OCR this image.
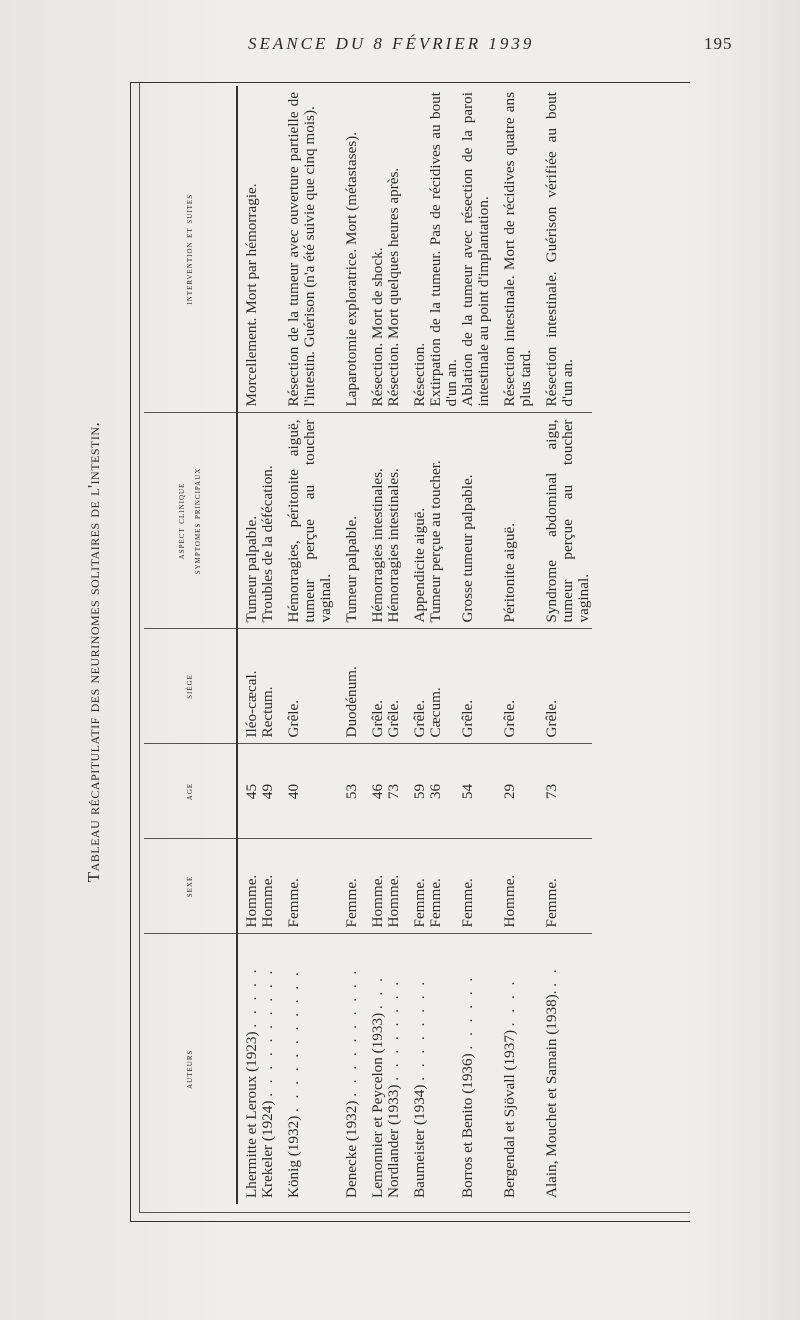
SEANCE DU 8 FÉVRIER 1939	195
Tableau récapitulatif des neurinomes solitaires de l'intestin.
auteurs	sexe	age	siège	aspect clinique symptomes principaux	intervention et suites
Lhermitte et Leroux (1923) . . . . .	Homme.	45	Iléo-cæcal.	Tumeur palpable.	Morcellement. Mort par hémorragie.
Krekeler (1924) . . . . . . . . . .	Homme.	49	Rectum.	Troubles de la défécation.	
König (1932) . . . . . . . . . . .	Femme.	40	Grêle.	Hémorragies, péritonite aiguë, tumeur perçue au toucher vaginal.	Résection de la tumeur avec ouverture partielle de l'intestin. Guérison (n'a été suivie que cinq mois).
Denecke (1932) . . . . . . . . . .	Femme.	53	Duodénum.	Tumeur palpable.	Laparotomie exploratrice. Mort (métastases).
Lemonnier et Peycelon (1933) . . .	Homme.	46	Grêle.	Hémorragies intestinales.	Résection. Mort de shock.
Nordlander (1933) . . . . . . . .	Homme.	73	Grêle.	Hémorragies intestinales.	Résection. Mort quelques heures après.
Baumeister (1934) . . . . . . . .	Femme.	59	Grêle.	Appendicite aiguë.	Résection.
	Femme.	36	Cæcum.	Tumeur perçue au toucher.	Extirpation de la tumeur. Pas de récidives au bout d'un an.
Borros et Benito (1936) . . . . . .	Femme.	54	Grêle.	Grosse tumeur palpable.	Ablation de la tumeur avec résection de la paroi intestinale au point d'implantation.
Bergendal et Sjövall (1937) . . . .	Homme.	29	Grêle.	Péritonite aiguë.	Résection intestinale. Mort de récidives quatre ans plus tard.
Alain, Mouchet et Samain (1938). . .	Femme.	73	Grêle.	Syndrome abdominal aigu, tumeur perçue au toucher vaginal.	Résection intestinale. Guérison vérifiée au bout d'un an.
